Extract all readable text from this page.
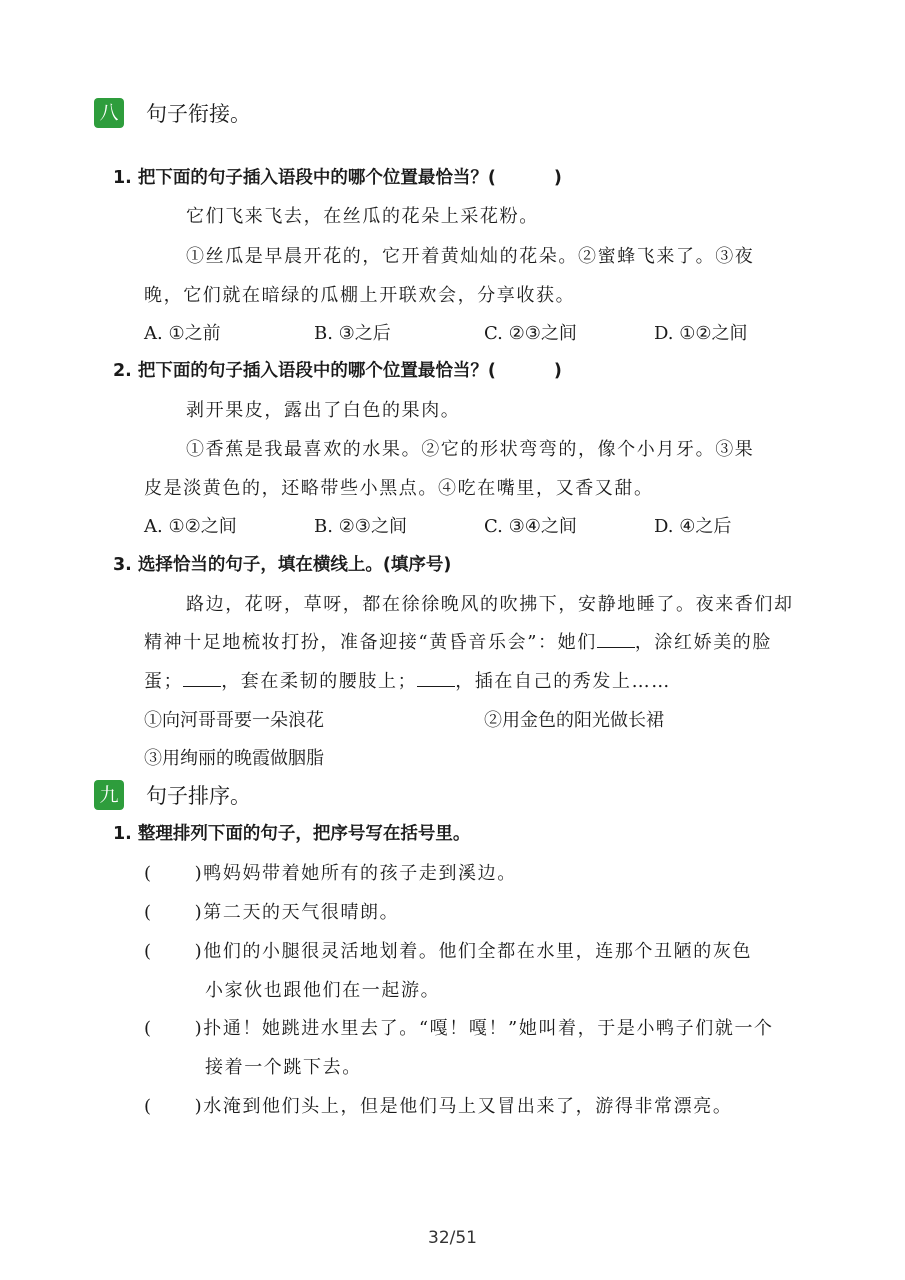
八 句子衔接。
1. 把下面的句子插入语段中的哪个位置最恰当？(	)
它们飞来飞去，在丝瓜的花朵上采花粉。
①丝瓜是早晨开花的，它开着黄灿灿的花朵。②蜜蜂飞来了。③夜
晚，它们就在暗绿的瓜棚上开联欢会，分享收获。
A. ①之前	B. ③之后	C. ②③之间	D. ①②之间
2. 把下面的句子插入语段中的哪个位置最恰当？(	)
剥开果皮，露出了白色的果肉。
①香蕉是我最喜欢的水果。②它的形状弯弯的，像个小月牙。③果
皮是淡黄色的，还略带些小黑点。④吃在嘴里，又香又甜。
A. ①②之间	B. ②③之间	C. ③④之间	D. ④之后
3. 选择恰当的句子，填在横线上。(填序号)
路边，花呀，草呀，都在徐徐晚风的吹拂下，安静地睡了。夜来香们却
精神十足地梳妆打扮，准备迎接“黄昏音乐会”：她们 ，涂红娇美的脸
蛋； ，套在柔韧的腰肢上； ，插在自己的秀发上……
①向河哥哥要一朵浪花	②用金色的阳光做长裙
③用绚丽的晚霞做胭脂
九 句子排序。
1. 整理排列下面的句子，把序号写在括号里。
( )鸭妈妈带着她所有的孩子走到溪边。
( )第二天的天气很晴朗。
( )他们的小腿很灵活地划着。他们全都在水里，连那个丑陋的灰色
小家伙也跟他们在一起游。
( )扑通！她跳进水里去了。“嘎！嘎！”她叫着，于是小鸭子们就一个
接着一个跳下去。
( )水淹到他们头上，但是他们马上又冒出来了，游得非常漂亮。
32/51
